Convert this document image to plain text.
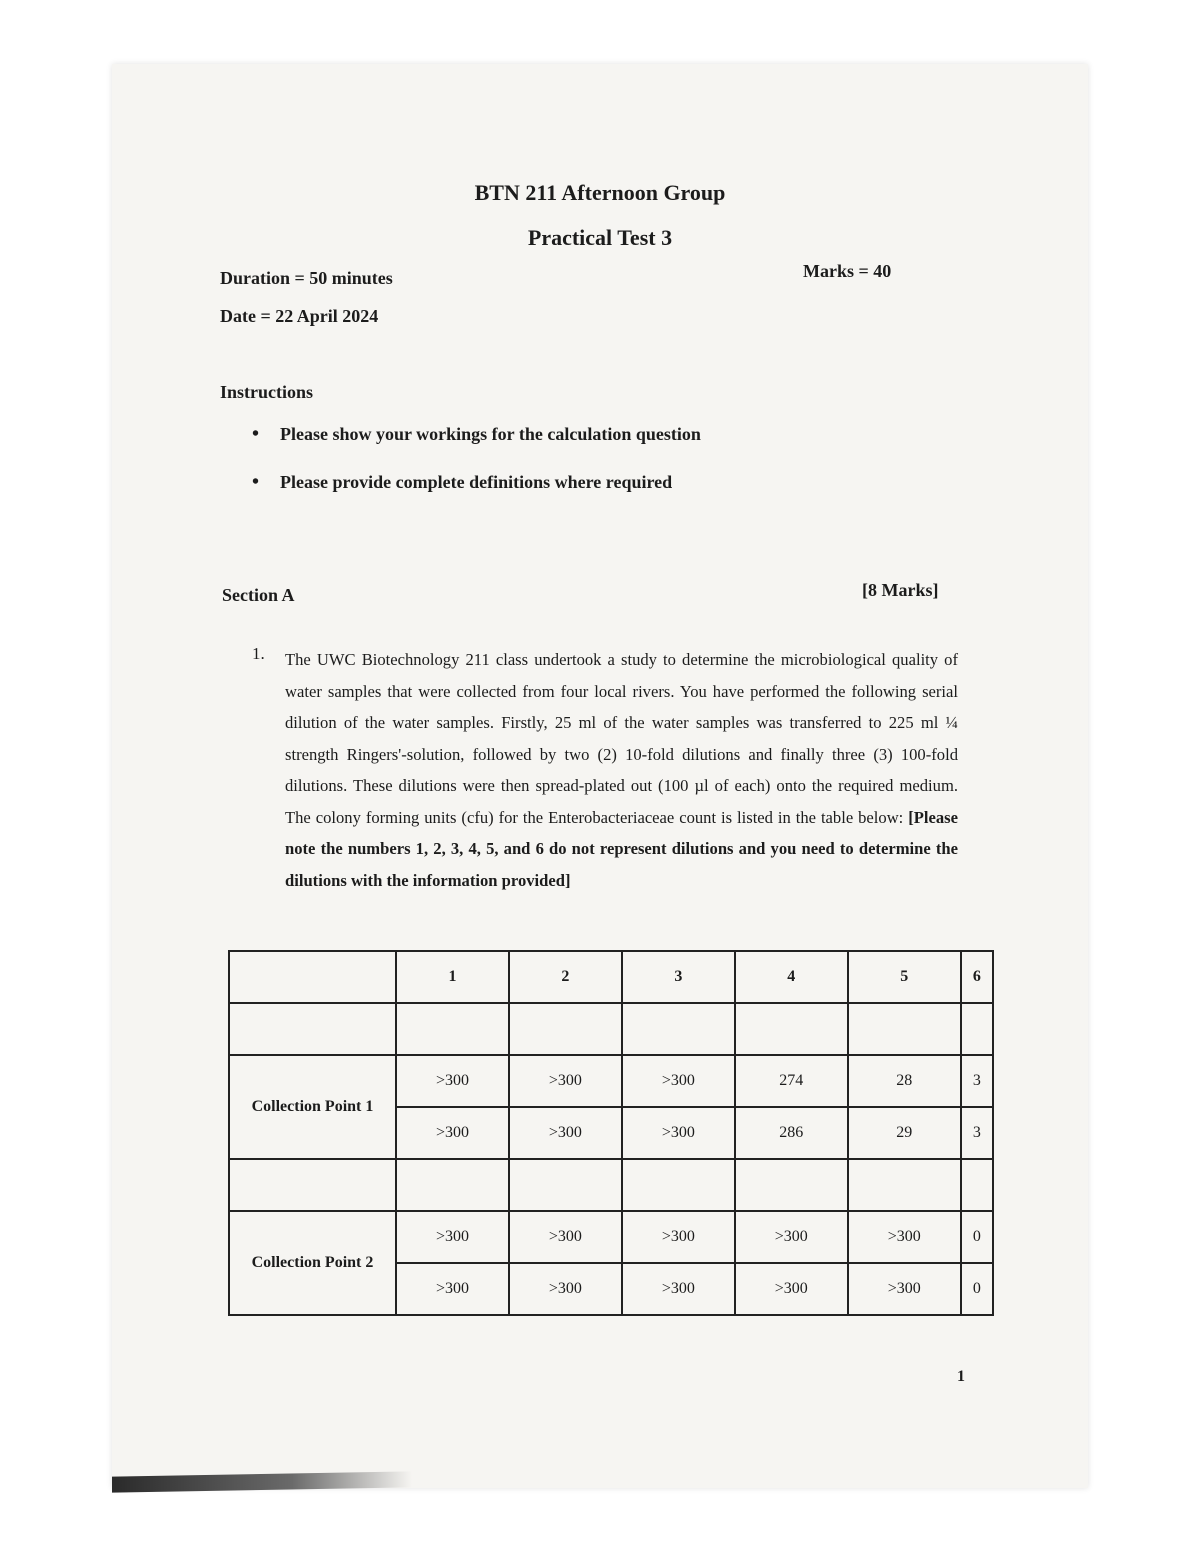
BTN 211 Afternoon Group
Practical Test 3
Duration = 50 minutes	Marks = 40
Date = 22 April 2024
Instructions
• Please show your workings for the calculation question
• Please provide complete definitions where required
Section A	[8 Marks]
1. The UWC Biotechnology 211 class undertook a study to determine the microbiological quality of water samples that were collected from four local rivers. You have performed the following serial dilution of the water samples. Firstly, 25 ml of the water samples was transferred to 225 ml ¼ strength Ringers'-solution, followed by two (2) 10-fold dilutions and finally three (3) 100-fold dilutions. These dilutions were then spread-plated out (100 µl of each) onto the required medium. The colony forming units (cfu) for the Enterobacteriaceae count is listed in the table below: [Please note the numbers 1, 2, 3, 4, 5, and 6 do not represent dilutions and you need to determine the dilutions with the information provided]
	1	2	3	4	5	6

Collection Point 1	>300	>300	>300	274	28	3
	>300	>300	>300	286	29	3

Collection Point 2	>300	>300	>300	>300	>300	0
	>300	>300	>300	>300	>300	0
1
